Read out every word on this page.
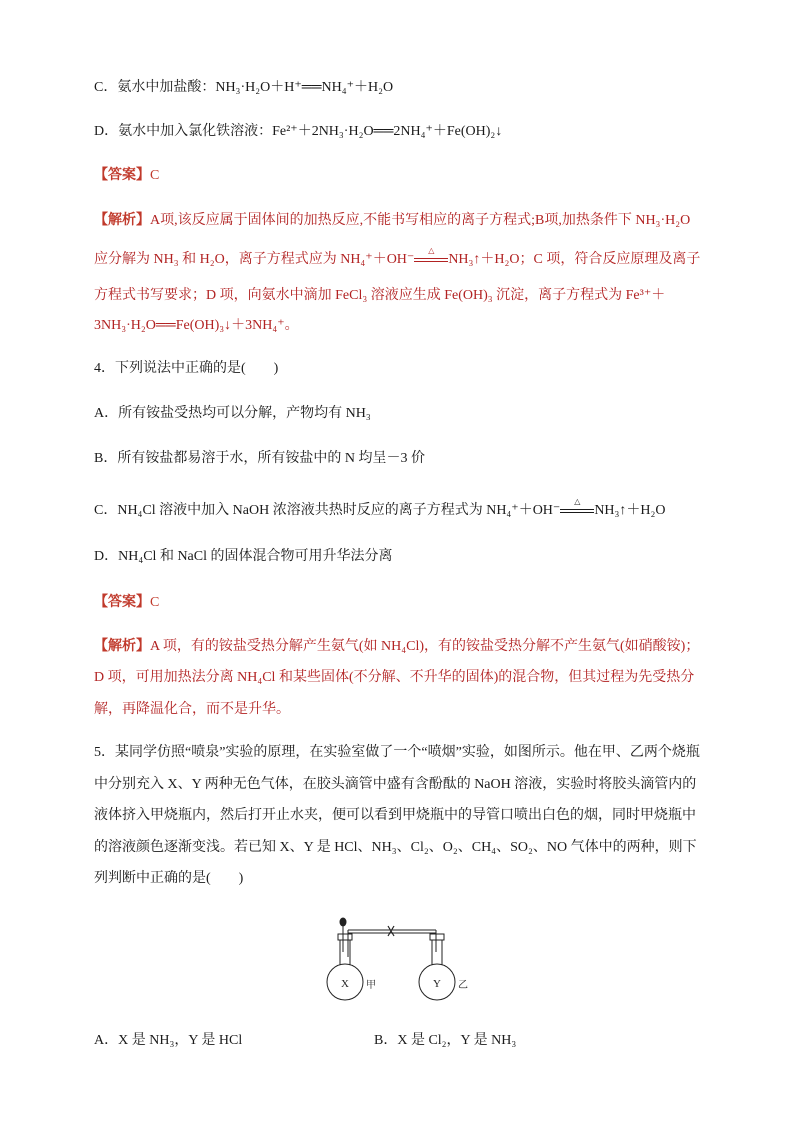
C．氨水中加盐酸：NH₃·H₂O＋H⁺══NH₄⁺＋H₂O
D．氨水中加入氯化铁溶液：Fe²⁺＋2NH₃·H₂O══2NH₄⁺＋Fe(OH)₂↓
【答案】C
【解析】A项,该反应属于固体间的加热反应,不能书写相应的离子方程式;B项,加热条件下 NH₃·H₂O
应分解为 NH₃ 和 H₂O，离子方程式应为 NH₄⁺＋OH⁻
△
NH₃↑＋H₂O；C 项，符合反应原理及离子
方程式书写要求；D 项，向氨水中滴加 FeCl₃ 溶液应生成 Fe(OH)₃ 沉淀，离子方程式为 Fe³⁺＋
3NH₃·H₂O══Fe(OH)₃↓＋3NH₄⁺。
4．下列说法中正确的是(　　)
A．所有铵盐受热均可以分解，产物均有 NH₃
B．所有铵盐都易溶于水，所有铵盐中的 N 均呈－3 价
C．NH₄Cl 溶液中加入 NaOH 浓溶液共热时反应的离子方程式为 NH₄⁺＋OH⁻
△
NH₃↑＋H₂O
D．NH₄Cl 和 NaCl 的固体混合物可用升华法分离
【答案】C
【解析】A 项，有的铵盐受热分解产生氨气(如 NH₄Cl)，有的铵盐受热分解不产生氨气(如硝酸铵)；
D 项，可用加热法分离 NH₄Cl 和某些固体(不分解、不升华的固体)的混合物，但其过程为先受热分
解，再降温化合，而不是升华。
5．某同学仿照“喷泉”实验的原理，在实验室做了一个“喷烟”实验，如图所示。他在甲、乙两个烧瓶
中分别充入 X、Y 两种无色气体，在胶头滴管中盛有含酚酞的 NaOH 溶液，实验时将胶头滴管内的
液体挤入甲烧瓶内，然后打开止水夹，便可以看到甲烧瓶中的导管口喷出白色的烟，同时甲烧瓶中
的溶液颜色逐渐变浅。若已知 X、Y 是 HCl、NH₃、Cl₂、O₂、CH₄、SO₂、NO 气体中的两种，则下
列判断中正确的是(　　)
X 甲	Y 乙
A．X 是 NH₃，Y 是 HCl	B．X 是 Cl₂，Y 是 NH₃
